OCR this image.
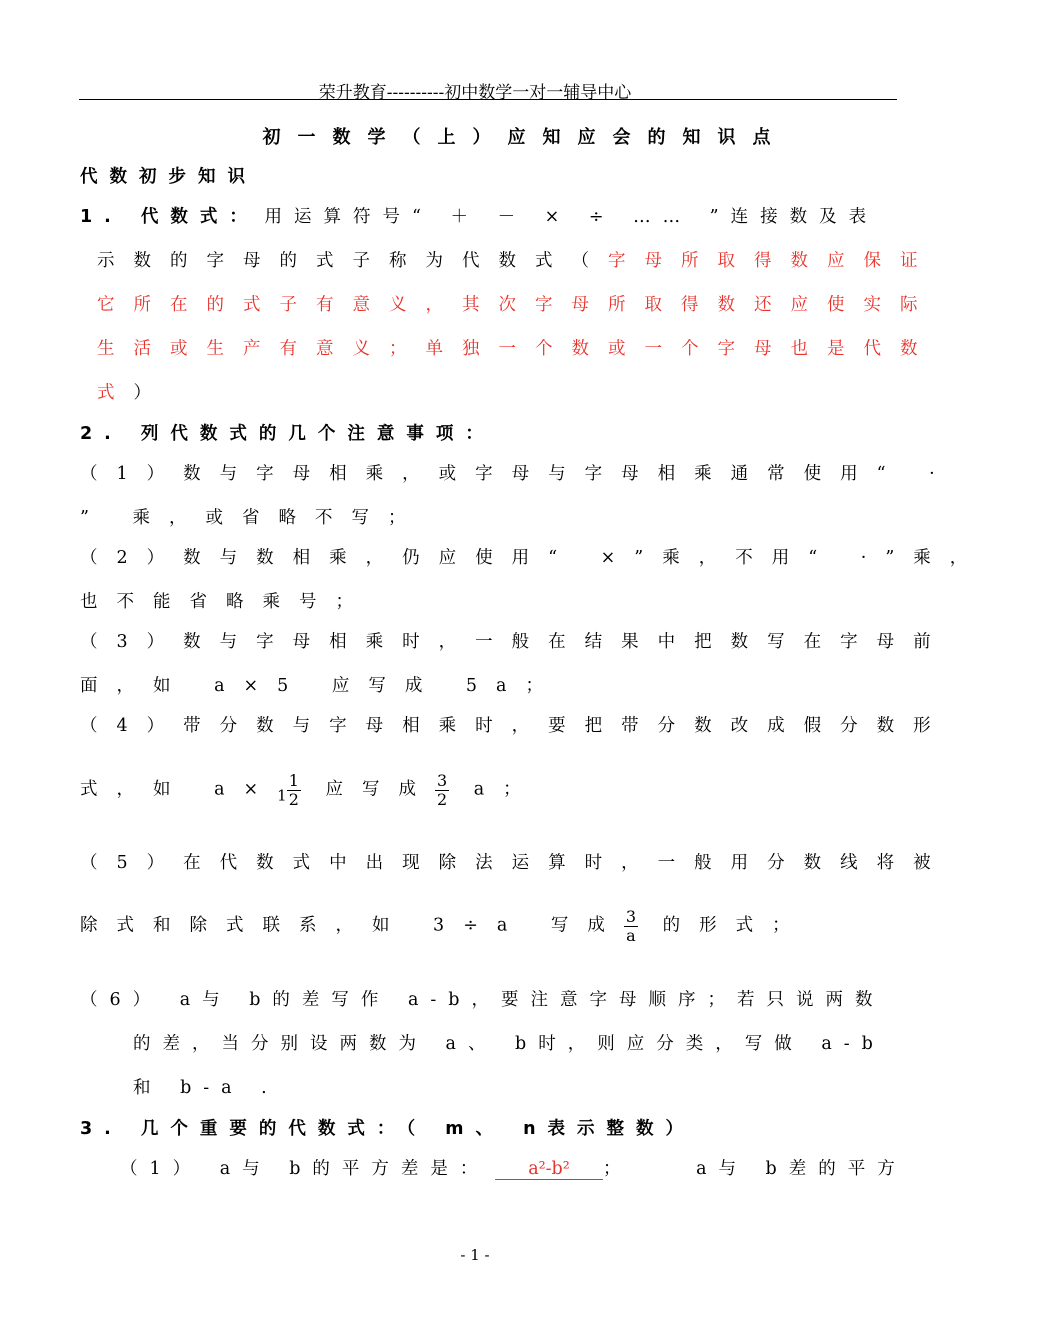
荣升教育----------初中数学一对一辅导中心
初一数学（上）应知应会的知识点
代数初步知识
1. 代数式： 用运算符号“ ＋ － × ÷ …… ”连接数及表
示数的字母的式子称为代数式（字母所取得数应保证
它所在的式子有意义，其次字母所取得数还应使实际
生活或生产有意义；单独一个数或一个字母也是代数
式）
2. 列代数式的几个注意事项：
（1）数与字母相乘，或字母与字母相乘通常使用“ ·
” 乘，或省略不写；
（2）数与数相乘，仍应使用“ ×”乘，不用“ ·”乘，
也不能省略乘号；
（3）数与字母相乘时，一般在结果中把数写在字母前
面，如 a×5 应写成 5a；
（4）带分数与字母相乘时，要把带分数改成假分数形
式，如 $a\times 1 \frac{1}{2}$ 应写成 $\frac{3}{2}$ a；
（5）在代数式中出现除法运算时，一般用分数线将被
除式和除式联系，如 3÷a 写成 $\frac{3}{a}$ 的形式；
（6） a与 b的差写作 a-b，要注意字母顺序；若只说两数
的差，当分别设两数为 a、 b时，则应分类，写做 a-b
和 b-a .
3. 几个重要的代数式：（ m、 n表示整数）
（1） a与 b的平方差是： a²-b² ；	a与 b差的平方
- 1 -
